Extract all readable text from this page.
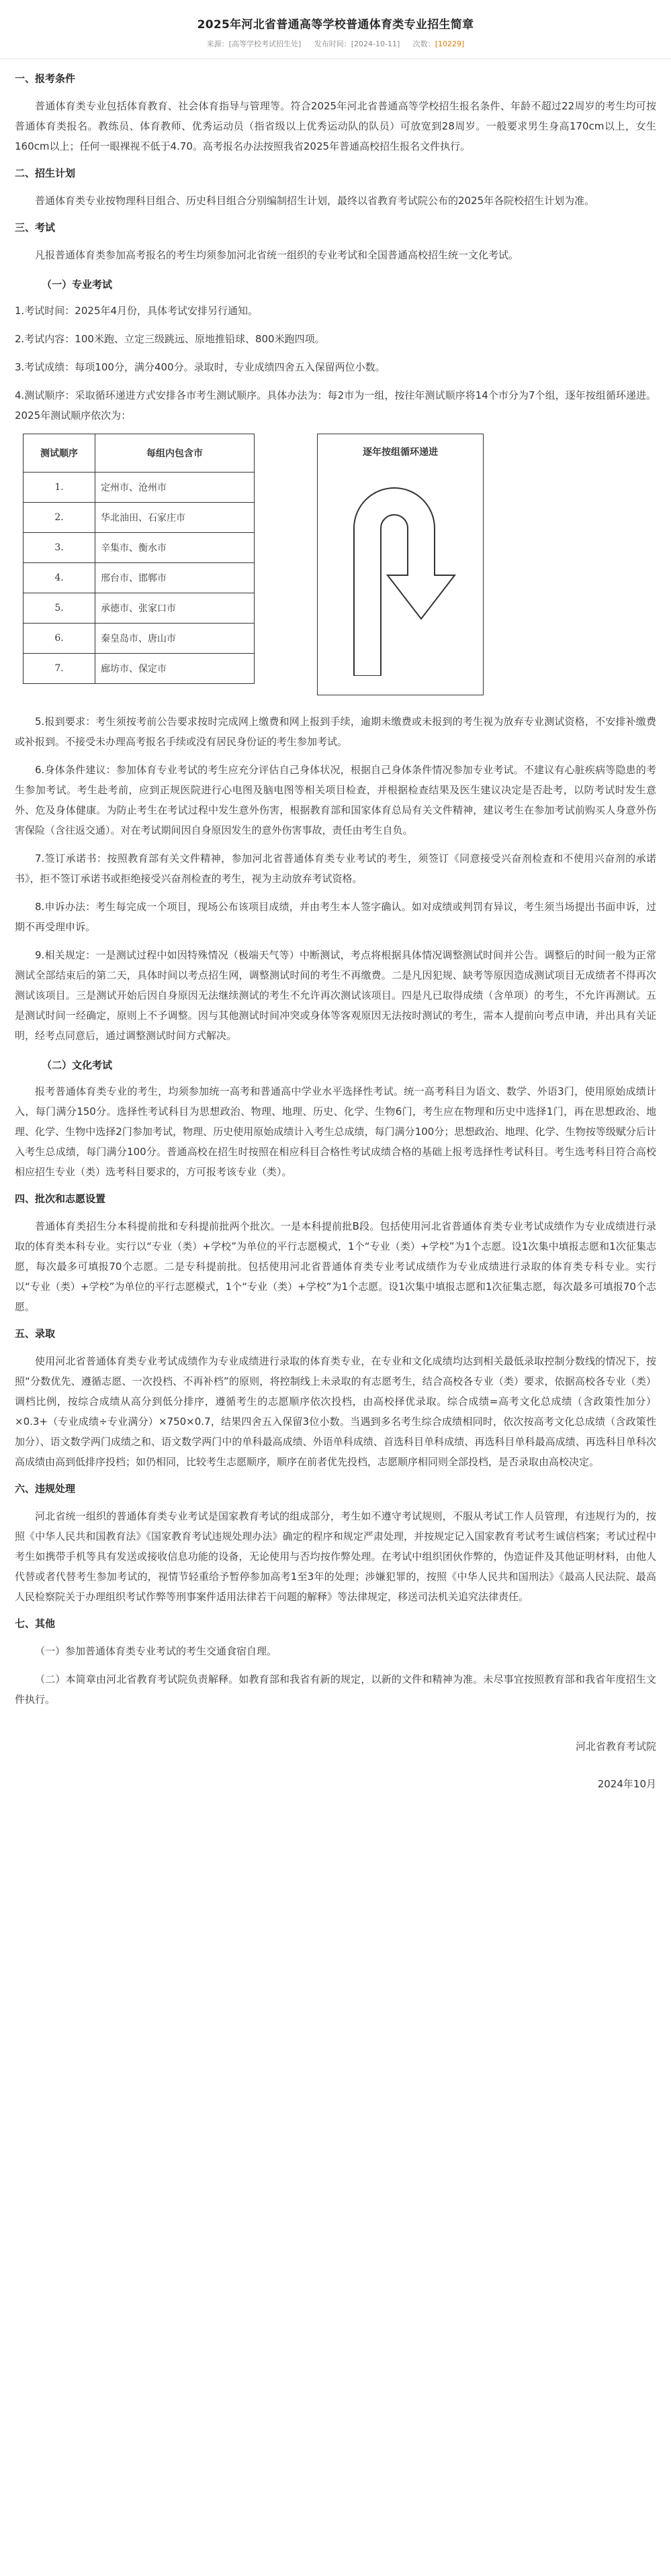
2025年河北省普通高等学校普通体育类专业招生简章
来源：[高等学校考试招生处] 发布时间：[2024-10-11] 次数：[10229]
一、报考条件

普通体育类专业包括体育教育、社会体育指导与管理等。符合2025年河北省普通高等学校招生报名条件、年龄不超过22周岁的考生均可按普通体育类报名。教练员、体育教师、优秀运动员（指省级以上优秀运动队的队员）可放宽到28周岁。一般要求男生身高170cm以上，女生160cm以上；任何一眼裸视不低于4.70。高考报名办法按照我省2025年普通高校招生报名文件执行。

二、招生计划

普通体育类专业按物理科目组合、历史科目组合分别编制招生计划，最终以省教育考试院公布的2025年各院校招生计划为准。

三、考试

凡报普通体育类参加高考报名的考生均须参加河北省统一组织的专业考试和全国普通高校招生统一文化考试。

（一）专业考试

1.考试时间：2025年4月份，具体考试安排另行通知。

2.考试内容：100米跑、立定三级跳远、原地推铅球、800米跑四项。

3.考试成绩：每项100分，满分400分。录取时，专业成绩四舍五入保留两位小数。

4.测试顺序：采取循环递进方式安排各市考生测试顺序。具体办法为：每2市为一组，按往年测试顺序将14个市分为7个组，逐年按组循环递进。2025年测试顺序依次为：

测试顺序	每组内包含市
1.	定州市、沧州市
2.	华北油田、石家庄市
3.	辛集市、衡水市
4.	邢台市、邯郸市
5.	承德市、张家口市
6.	秦皇岛市、唐山市
7.	廊坊市、保定市
逐年按组循环递进

5.报到要求：考生须按考前公告要求按时完成网上缴费和网上报到手续，逾期未缴费或未报到的考生视为放弃专业测试资格，不安排补缴费或补报到。不接受未办理高考报名手续或没有居民身份证的考生参加考试。

6.身体条件建议：参加体育专业考试的考生应充分评估自己身体状况，根据自己身体条件情况参加专业考试。不建议有心脏疾病等隐患的考生参加考试。考生赴考前，应到正规医院进行心电图及脑电图等相关项目检查，并根据检查结果及医生建议决定是否赴考，以防考试时发生意外、危及身体健康。为防止考生在考试过程中发生意外伤害，根据教育部和国家体育总局有关文件精神，建议考生在参加考试前购买人身意外伤害保险（含往返交通）。对在考试期间因自身原因发生的意外伤害事故，责任由考生自负。

7.签订承诺书：按照教育部有关文件精神，参加河北省普通体育类专业考试的考生，须签订《同意接受兴奋剂检查和不使用兴奋剂的承诺书》，拒不签订承诺书或拒绝接受兴奋剂检查的考生，视为主动放弃考试资格。

8.申诉办法：考生每完成一个项目，现场公布该项目成绩，并由考生本人签字确认。如对成绩或判罚有异议，考生须当场提出书面申诉，过期不再受理申诉。

9.相关规定：一是测试过程中如因特殊情况（极端天气等）中断测试，考点将根据具体情况调整测试时间并公告。调整后的时间一般为正常测试全部结束后的第二天，具体时间以考点招生网，调整测试时间的考生不再缴费。二是凡因犯规、缺考等原因造成测试项目无成绩者不得再次测试该项目。三是测试开始后因自身原因无法继续测试的考生不允许再次测试该项目。四是凡已取得成绩（含单项）的考生，不允许再测试。五是测试时间一经确定，原则上不予调整。因与其他测试时间冲突或身体等客观原因无法按时测试的考生，需本人提前向考点申请，并出具有关证明，经考点同意后，通过调整测试时间方式解决。

（二）文化考试

报考普通体育类专业的考生，均须参加统一高考和普通高中学业水平选择性考试。统一高考科目为语文、数学、外语3门，使用原始成绩计入，每门满分150分。选择性考试科目为思想政治、物理、地理、历史、化学、生物6门，考生应在物理和历史中选择1门，再在思想政治、地理、化学、生物中选择2门参加考试，物理、历史使用原始成绩计入考生总成绩，每门满分100分；思想政治、地理、化学、生物按等级赋分后计入考生总成绩，每门满分100分。普通高校在招生时按照在相应科目合格性考试成绩合格的基础上报考选择性考试科目。考生选考科目符合高校相应招生专业（类）选考科目要求的，方可报考该专业（类）。

四、批次和志愿设置

普通体育类招生分本科提前批和专科提前批两个批次。一是本科提前批B段。包括使用河北省普通体育类专业考试成绩作为专业成绩进行录取的体育类本科专业。实行以“专业（类）+学校”为单位的平行志愿模式，1个“专业（类）+学校”为1个志愿。设1次集中填报志愿和1次征集志愿，每次最多可填报70个志愿。二是专科提前批。包括使用河北省普通体育类专业考试成绩作为专业成绩进行录取的体育类专科专业。实行以“专业（类）+学校”为单位的平行志愿模式，1个“专业（类）+学校”为1个志愿。设1次集中填报志愿和1次征集志愿，每次最多可填报70个志愿。

五、录取

使用河北省普通体育类专业考试成绩作为专业成绩进行录取的体育类专业，在专业和文化成绩均达到相关最低录取控制分数线的情况下，按照“分数优先、遵循志愿、一次投档、不再补档”的原则，将控制线上未录取的有志愿考生，结合高校各专业（类）要求，依据高校各专业（类）调档比例，按综合成绩从高分到低分排序，遵循考生的志愿顺序依次投档，由高校择优录取。综合成绩=高考文化总成绩（含政策性加分）×0.3+（专业成绩÷专业满分）×750×0.7，结果四舍五入保留3位小数。当遇到多名考生综合成绩相同时，依次按高考文化总成绩（含政策性加分）、语文数学两门成绩之和、语文数学两门中的单科最高成绩、外语单科成绩、首选科目单科成绩、再选科目单科最高成绩、再选科目单科次高成绩由高到低排序投档；如仍相同，比较考生志愿顺序，顺序在前者优先投档，志愿顺序相同则全部投档，是否录取由高校决定。

六、违规处理

河北省统一组织的普通体育类专业考试是国家教育考试的组成部分，考生如不遵守考试规则，不服从考试工作人员管理，有违规行为的，按照《中华人民共和国教育法》《国家教育考试违规处理办法》确定的程序和规定严肃处理，并按规定记入国家教育考试考生诚信档案；考试过程中考生如携带手机等具有发送或接收信息功能的设备，无论使用与否均按作弊处理。在考试中组织团伙作弊的，伪造证件及其他证明材料，由他人代替或者代替考生参加考试的，视情节轻重给予暂停参加高考1至3年的处理；涉嫌犯罪的，按照《中华人民共和国刑法》《最高人民法院、最高人民检察院关于办理组织考试作弊等刑事案件适用法律若干问题的解释》等法律规定，移送司法机关追究法律责任。

七、其他

（一）参加普通体育类专业考试的考生交通食宿自理。

（二）本简章由河北省教育考试院负责解释。如教育部和我省有新的规定，以新的文件和精神为准。未尽事宜按照教育部和我省年度招生文件执行。

河北省教育考试院
2024年10月
